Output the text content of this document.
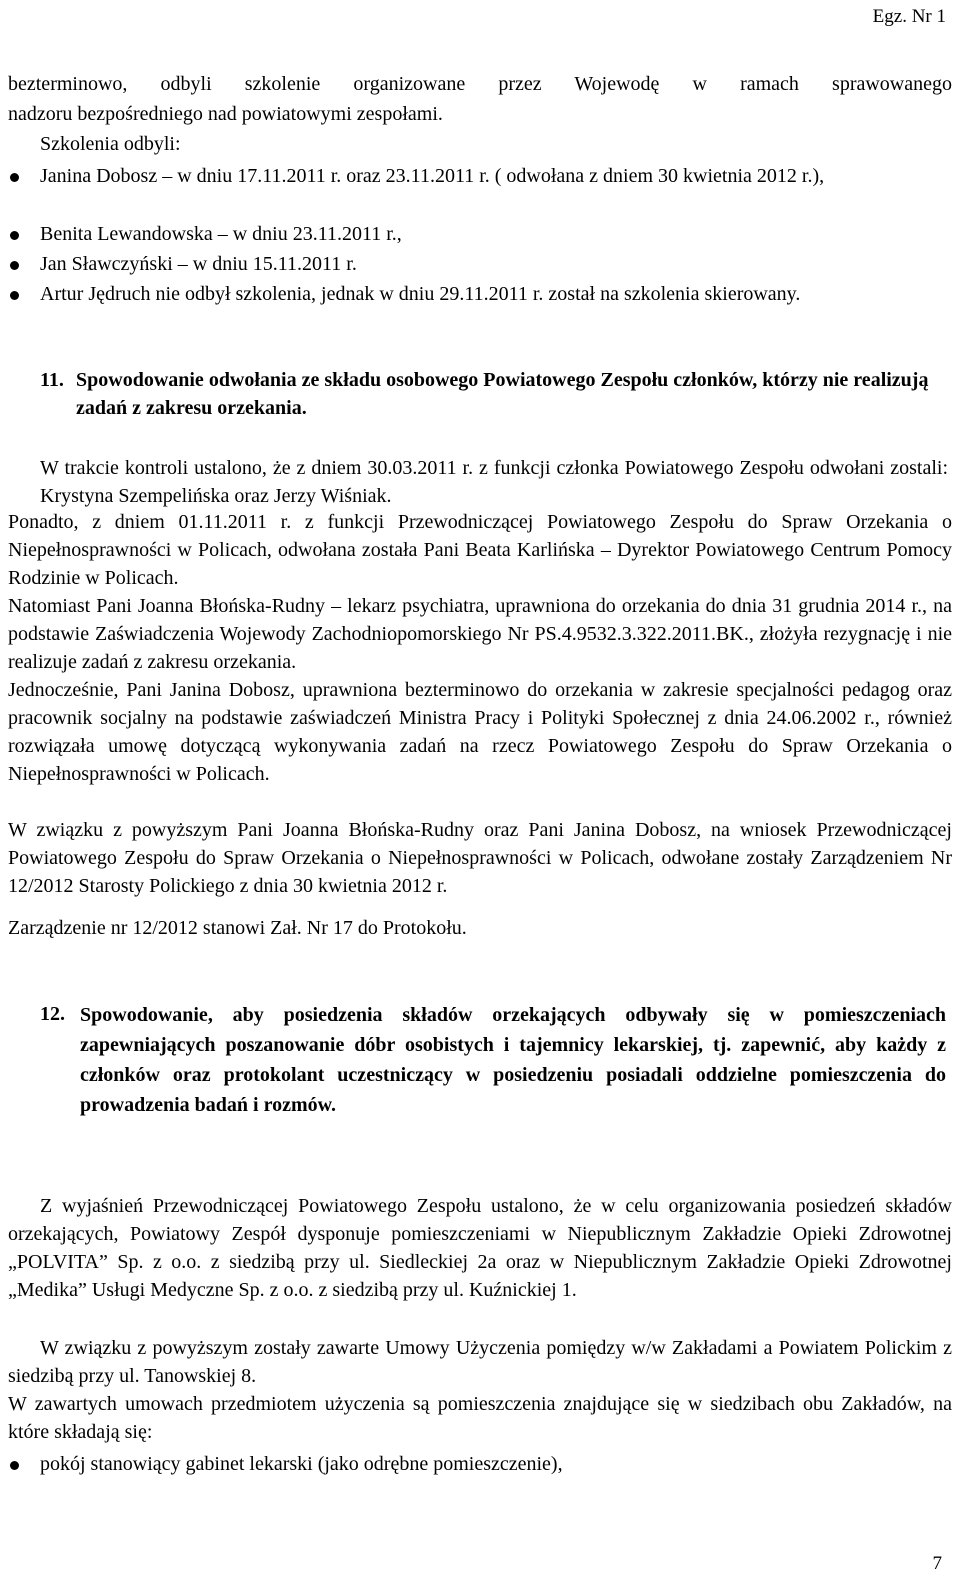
Egz. Nr 1
bezterminowo, odbyli szkolenie organizowane przez Wojewodę w ramach sprawowanego
nadzoru bezpośredniego nad powiatowymi zespołami.
Szkolenia odbyli:
Janina Dobosz – w dniu 17.11.2011 r. oraz 23.11.2011 r. ( odwołana z dniem 30 kwietnia 2012 r.),
Benita Lewandowska – w dniu 23.11.2011 r.,
Jan Sławczyński – w dniu 15.11.2011 r.
Artur Jędruch nie odbył szkolenia, jednak w dniu 29.11.2011 r. został na szkolenia skierowany.
11. Spowodowanie odwołania ze składu osobowego Powiatowego Zespołu członków, którzy nie realizują zadań z zakresu orzekania.
W trakcie kontroli ustalono, że z dniem 30.03.2011 r. z funkcji członka Powiatowego Zespołu odwołani zostali: Krystyna Szempelińska oraz Jerzy Wiśniak.
Ponadto, z dniem 01.11.2011 r. z funkcji Przewodniczącej Powiatowego Zespołu do Spraw Orzekania o Niepełnosprawności w Policach, odwołana została Pani Beata Karlińska – Dyrektor Powiatowego Centrum Pomocy Rodzinie w Policach.
Natomiast Pani Joanna Błońska-Rudny – lekarz psychiatra, uprawniona do orzekania do dnia 31 grudnia 2014 r., na podstawie Zaświadczenia Wojewody Zachodniopomorskiego Nr PS.4.9532.3.322.2011.BK., złożyła rezygnację i nie realizuje zadań z zakresu orzekania.
Jednocześnie, Pani Janina Dobosz, uprawniona bezterminowo do orzekania w zakresie specjalności pedagog oraz pracownik socjalny na podstawie zaświadczeń Ministra Pracy i Polityki Społecznej z dnia 24.06.2002 r., również rozwiązała umowę dotyczącą wykonywania zadań na rzecz Powiatowego Zespołu do Spraw Orzekania o Niepełnosprawności w Policach.
W związku z powyższym Pani Joanna Błońska-Rudny oraz Pani Janina Dobosz, na wniosek Przewodniczącej Powiatowego Zespołu do Spraw Orzekania o Niepełnosprawności w Policach, odwołane zostały Zarządzeniem Nr 12/2012 Starosty Polickiego z dnia 30 kwietnia 2012 r.
Zarządzenie nr 12/2012 stanowi Zał. Nr 17 do Protokołu.
12. Spowodowanie, aby posiedzenia składów orzekających odbywały się w pomieszczeniach zapewniających poszanowanie dóbr osobistych i tajemnicy lekarskiej, tj. zapewnić, aby każdy z członków oraz protokolant uczestniczący w posiedzeniu posiadali oddzielne pomieszczenia do prowadzenia badań i rozmów.
Z wyjaśnień Przewodniczącej Powiatowego Zespołu ustalono, że w celu organizowania posiedzeń składów orzekających, Powiatowy Zespół dysponuje pomieszczeniami w Niepublicznym Zakładzie Opieki Zdrowotnej „POLVITA” Sp. z o.o. z siedzibą przy ul. Siedleckiej 2a oraz w Niepublicznym Zakładzie Opieki Zdrowotnej „Medika” Usługi Medyczne Sp. z o.o. z siedzibą przy ul. Kuźnickiej 1.
W związku z powyższym zostały zawarte Umowy Użyczenia pomiędzy w/w Zakładami a Powiatem Polickim z siedzibą przy ul. Tanowskiej 8.
W zawartych umowach przedmiotem użyczenia są pomieszczenia znajdujące się w siedzibach obu Zakładów, na które składają się:
pokój stanowiący gabinet lekarski (jako odrębne pomieszczenie),
7
